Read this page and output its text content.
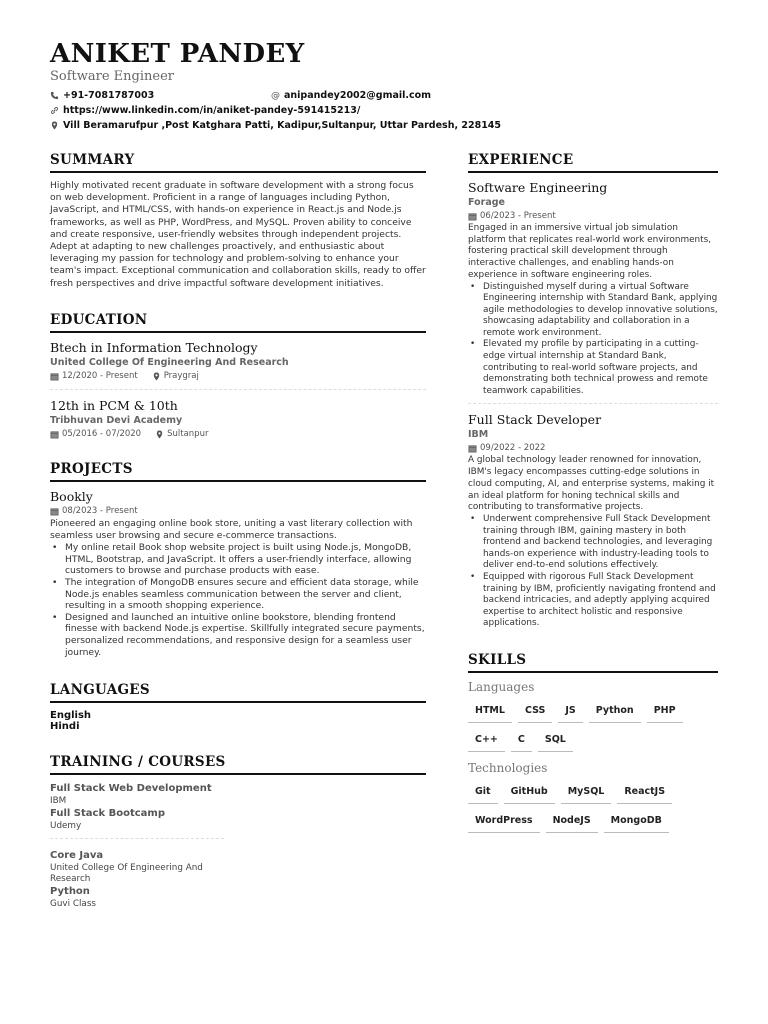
ANIKET PANDEY
Software Engineer
+91-7081787003	@ anipandey2002@gmail.com
https://www.linkedin.com/in/aniket-pandey-591415213/
Vill Beramarufpur ,Post Katghara Patti, Kadipur,Sultanpur, Uttar Pardesh, 228145
SUMMARY
Highly motivated recent graduate in software development with a strong focus on web development. Proficient in a range of languages including Python, JavaScript, and HTML/CSS, with hands-on experience in React.js and Node.js frameworks, as well as PHP, WordPress, and MySQL. Proven ability to conceive and create responsive, user-friendly websites through independent projects. Adept at adapting to new challenges proactively, and enthusiastic about leveraging my passion for technology and problem-solving to enhance your team's impact. Exceptional communication and collaboration skills, ready to offer fresh perspectives and drive impactful software development initiatives.
EDUCATION
Btech in Information Technology
United College Of Engineering And Research
12/2020 - Present	Praygraj
12th in PCM & 10th
Tribhuvan Devi Academy
05/2016 - 07/2020	Sultanpur
PROJECTS
Bookly
08/2023 - Present
Pioneered an engaging online book store, uniting a vast literary collection with seamless user browsing and secure e-commerce transactions.
• My online retail Book shop website project is built using Node.js, MongoDB, HTML, Bootstrap, and JavaScript. It offers a user-friendly interface, allowing customers to browse and purchase products with ease.
• The integration of MongoDB ensures secure and efficient data storage, while Node.js enables seamless communication between the server and client, resulting in a smooth shopping experience.
• Designed and launched an intuitive online bookstore, blending frontend finesse with backend Node.js expertise. Skillfully integrated secure payments, personalized recommendations, and responsive design for a seamless user journey.
LANGUAGES
English
Hindi
TRAINING / COURSES
Full Stack Web Development
IBM
Full Stack Bootcamp
Udemy
Core Java
United College Of Engineering And Research
Python
Guvi Class
EXPERIENCE
Software Engineering
Forage
06/2023 - Present
Engaged in an immersive virtual job simulation platform that replicates real-world work environments, fostering practical skill development through interactive challenges, and enabling hands-on experience in software engineering roles.
• Distinguished myself during a virtual Software Engineering internship with Standard Bank, applying agile methodologies to develop innovative solutions, showcasing adaptability and collaboration in a remote work environment.
• Elevated my profile by participating in a cutting-edge virtual internship at Standard Bank, contributing to real-world software projects, and demonstrating both technical prowess and remote teamwork capabilities.
Full Stack Developer
IBM
09/2022 - 2022
A global technology leader renowned for innovation, IBM's legacy encompasses cutting-edge solutions in cloud computing, AI, and enterprise systems, making it an ideal platform for honing technical skills and contributing to transformative projects.
• Underwent comprehensive Full Stack Development training through IBM, gaining mastery in both frontend and backend technologies, and leveraging hands-on experience with industry-leading tools to deliver end-to-end solutions effectively.
• Equipped with rigorous Full Stack Development training by IBM, proficiently navigating frontend and backend intricacies, and adeptly applying acquired expertise to architect holistic and responsive applications.
SKILLS
Languages
HTML	CSS	JS	Python	PHP
C++	C	SQL
Technologies
Git	GitHub	MySQL	ReactJS
WordPress	NodeJS	MongoDB
